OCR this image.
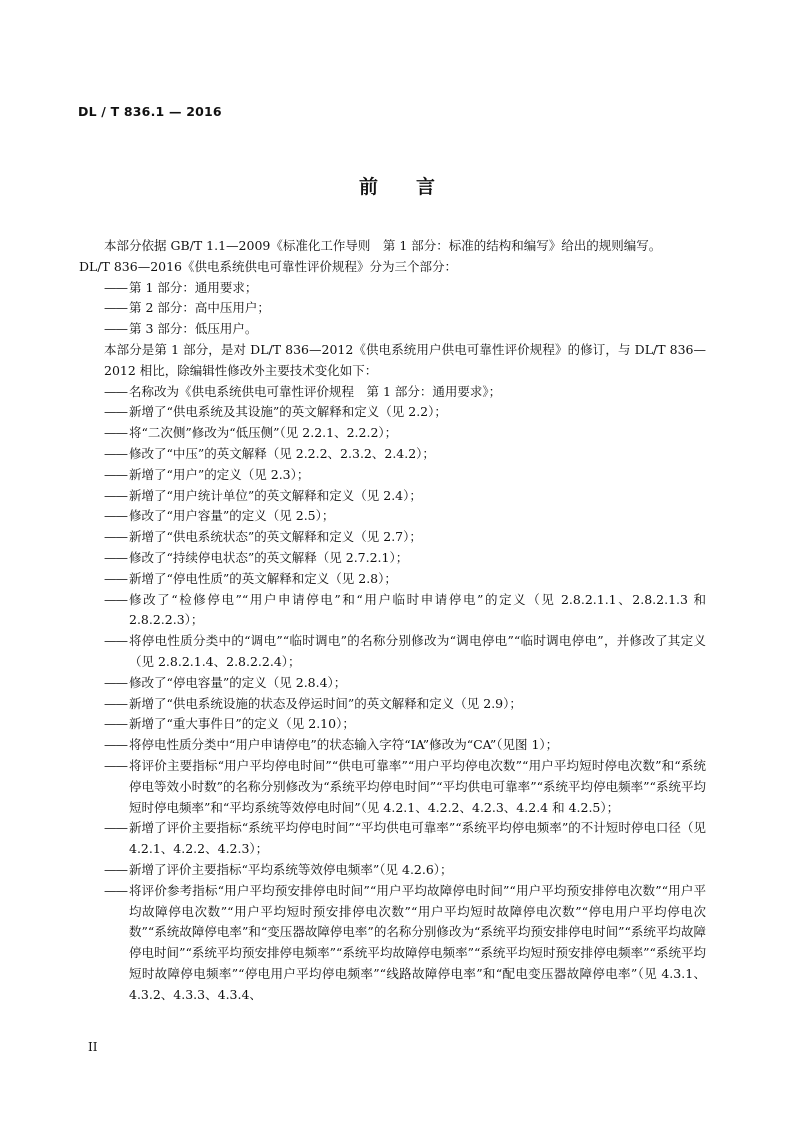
DL / T 836.1 — 2016
前言

本部分依据 GB/T 1.1—2009《标准化工作导则　第 1 部分：标准的结构和编写》给出的规则编写。

DL/T 836—2016《供电系统供电可靠性评价规程》分为三个部分：

—— 第 1 部分：通用要求；
—— 第 2 部分：高中压用户；
—— 第 3 部分：低压用户。

本部分是第 1 部分，是对 DL/T 836—2012《供电系统用户供电可靠性评价规程》的修订，与 DL/T 836—2012 相比，除编辑性修改外主要技术变化如下：

—— 名称改为《供电系统供电可靠性评价规程　第 1 部分：通用要求》；
—— 新增了“供电系统及其设施”的英文解释和定义（见 2.2）；
—— 将“二次侧”修改为“低压侧”（见 2.2.1、2.2.2）；
—— 修改了“中压”的英文解释（见 2.2.2、2.3.2、2.4.2）；
—— 新增了“用户”的定义（见 2.3）；
—— 新增了“用户统计单位”的英文解释和定义（见 2.4）；
—— 修改了“用户容量”的定义（见 2.5）；
—— 新增了“供电系统状态”的英文解释和定义（见 2.7）；
—— 修改了“持续停电状态”的英文解释（见 2.7.2.1）；
—— 新增了“停电性质”的英文解释和定义（见 2.8）；
—— 修改了“检修停电”“用户申请停电”和“用户临时申请停电”的定义（见 2.8.2.1.1、2.8.2.1.3 和 2.8.2.2.3）；
—— 将停电性质分类中的“调电”“临时调电”的名称分别修改为“调电停电”“临时调电停电”，并修改了其定义（见 2.8.2.1.4、2.8.2.2.4）；
—— 修改了“停电容量”的定义（见 2.8.4）；
—— 新增了“供电系统设施的状态及停运时间”的英文解释和定义（见 2.9）；
—— 新增了“重大事件日”的定义（见 2.10）；
—— 将停电性质分类中“用户申请停电”的状态输入字符“IA”修改为“CA”（见图 1）；
—— 将评价主要指标“用户平均停电时间”“供电可靠率”“用户平均停电次数”“用户平均短时停电次数”和“系统停电等效小时数”的名称分别修改为“系统平均停电时间”“平均供电可靠率”“系统平均停电频率”“系统平均短时停电频率”和“平均系统等效停电时间”（见 4.2.1、4.2.2、4.2.3、4.2.4 和 4.2.5）；
—— 新增了评价主要指标“系统平均停电时间”“平均供电可靠率”“系统平均停电频率”的不计短时停电口径（见 4.2.1、4.2.2、4.2.3）；
—— 新增了评价主要指标“平均系统等效停电频率”（见 4.2.6）；
—— 将评价参考指标“用户平均预安排停电时间”“用户平均故障停电时间”“用户平均预安排停电次数”“用户平均故障停电次数”“用户平均短时预安排停电次数”“用户平均短时故障停电次数”“停电用户平均停电次数”“系统故障停电率”和“变压器故障停电率”的名称分别修改为“系统平均预安排停电时间”“系统平均故障停电时间”“系统平均预安排停电频率”“系统平均故障停电频率”“系统平均短时预安排停电频率”“系统平均短时故障停电频率”“停电用户平均停电频率”“线路故障停电率”和“配电变压器故障停电率”（见 4.3.1、4.3.2、4.3.3、4.3.4、
II
